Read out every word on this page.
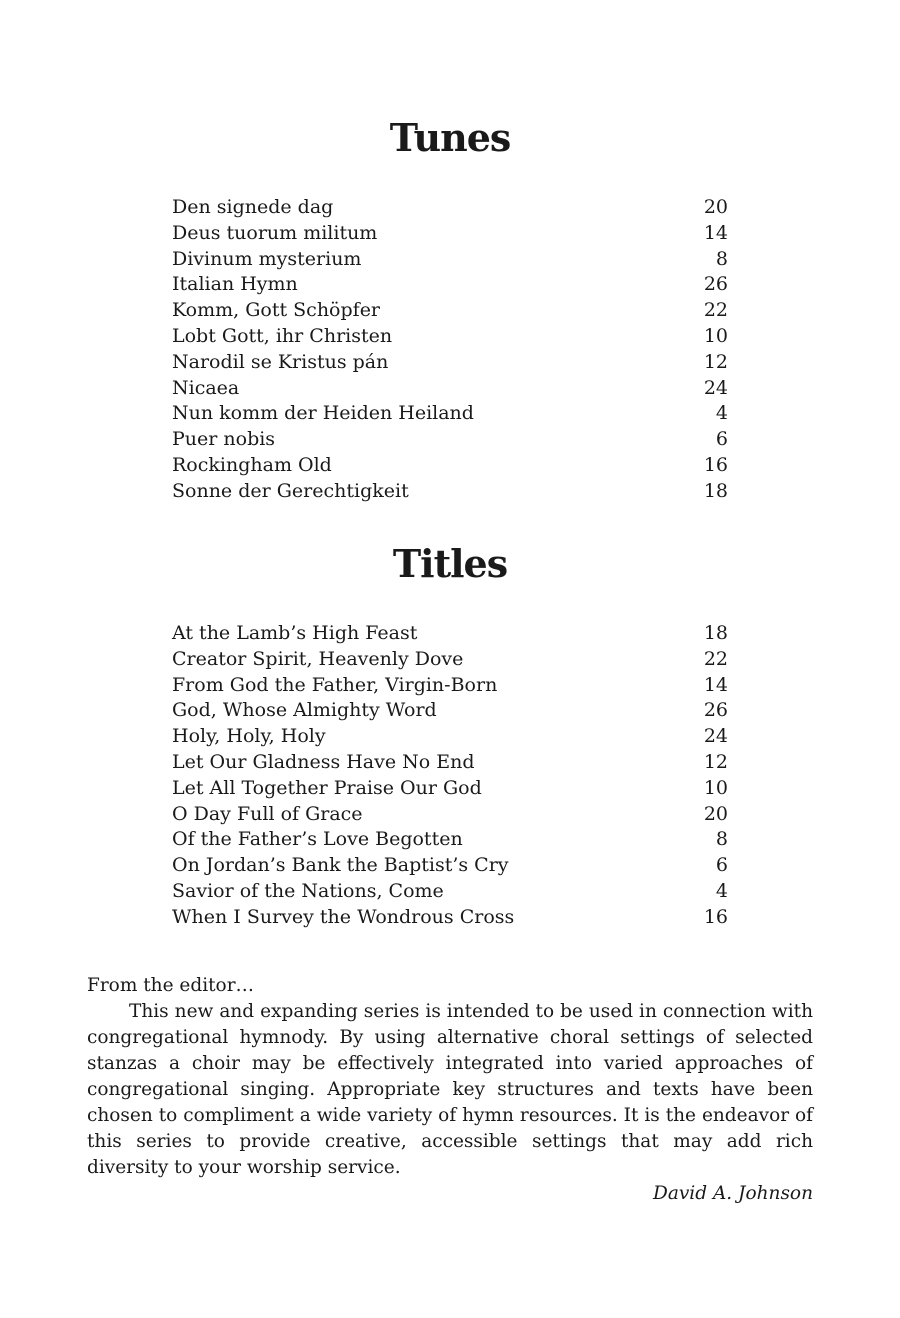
Tunes
Den signede dag	20
Deus tuorum militum	14
Divinum mysterium	8
Italian Hymn	26
Komm, Gott Schöpfer	22
Lobt Gott, ihr Christen	10
Narodil se Kristus pán	12
Nicaea	24
Nun komm der Heiden Heiland	4
Puer nobis	6
Rockingham Old	16
Sonne der Gerechtigkeit	18
Titles
At the Lamb’s High Feast	18
Creator Spirit, Heavenly Dove	22
From God the Father, Virgin-Born	14
God, Whose Almighty Word	26
Holy, Holy, Holy	24
Let Our Gladness Have No End	12
Let All Together Praise Our God	10
O Day Full of Grace	20
Of the Father’s Love Begotten	8
On Jordan’s Bank the Baptist’s Cry	6
Savior of the Nations, Come	4
When I Survey the Wondrous Cross	16

From the editor…

This new and expanding series is intended to be used in connection with congregational hymnody. By using alternative choral settings of selected stanzas a choir may be effectively integrated into varied approaches of congregational singing. Appropriate key structures and texts have been chosen to compliment a wide variety of hymn resources. It is the endeavor of this series to provide creative, accessible settings that may add rich diversity to your worship service.

David A. Johnson
